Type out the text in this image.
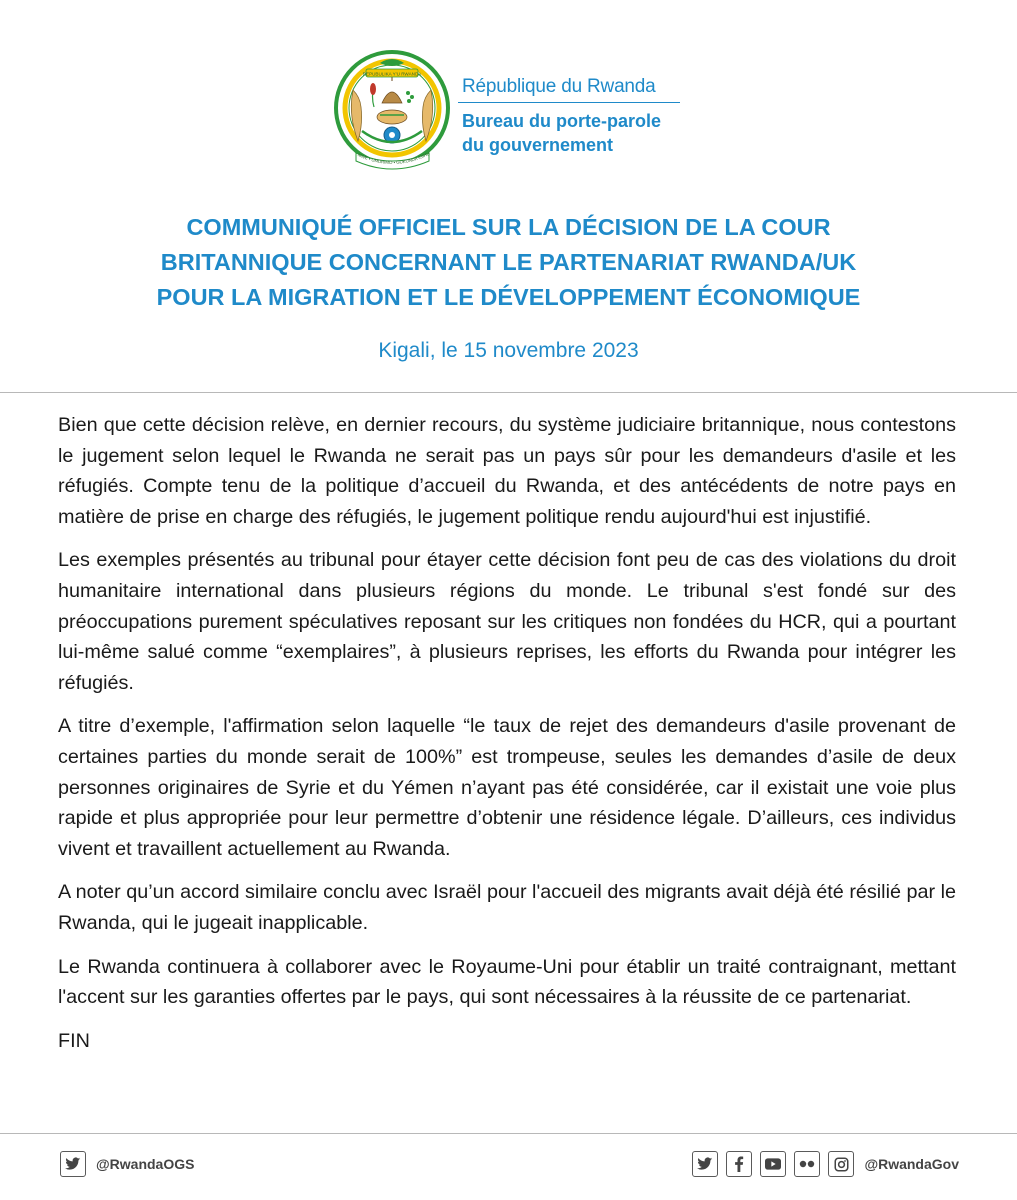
REPUBULIKA Y'U RWANDA
MWE • UMURIMO • GUKUNDA IGIHU
République du Rwanda
Bureau du porte-parole
du gouvernement
COMMUNIQUÉ OFFICIEL SUR LA DÉCISION DE LA COUR
BRITANNIQUE CONCERNANT LE PARTENARIAT RWANDA/UK
POUR LA MIGRATION ET LE DÉVELOPPEMENT ÉCONOMIQUE
Kigali, le 15 novembre 2023

Bien que cette décision relève, en dernier recours, du système judiciaire britannique, nous contestons le jugement selon lequel le Rwanda ne serait pas un pays sûr pour les demandeurs d'asile et les réfugiés. Compte tenu de la politique d’accueil du Rwanda, et des antécédents de notre pays en matière de prise en charge des réfugiés, le jugement politique rendu aujourd'hui est injustifié.

Les exemples présentés au tribunal pour étayer cette décision font peu de cas des violations du droit humanitaire international dans plusieurs régions du monde. Le tribunal s'est fondé sur des préoccupations purement spéculatives reposant sur les critiques non fondées du HCR, qui a pourtant lui-même salué comme “exemplaires”, à plusieurs reprises, les efforts du Rwanda pour intégrer les réfugiés.

A titre d’exemple, l'affirmation selon laquelle “le taux de rejet des demandeurs d'asile provenant de certaines parties du monde serait de 100%” est trompeuse, seules les demandes d’asile de deux personnes originaires de Syrie et du Yémen n’ayant pas été considérée, car il existait une voie plus rapide et plus appropriée pour leur permettre d’obtenir une résidence légale. D’ailleurs, ces individus vivent et travaillent actuellement au Rwanda.

A noter qu’un accord similaire conclu avec Israël pour l'accueil des migrants avait déjà été résilié par le Rwanda, qui le jugeait inapplicable.

Le Rwanda continuera à collaborer avec le Royaume-Uni pour établir un traité contraignant, mettant l'accent sur les garanties offertes par le pays, qui sont nécessaires à la réussite de ce partenariat.

FIN

@RwandaOGS	@RwandaGov
